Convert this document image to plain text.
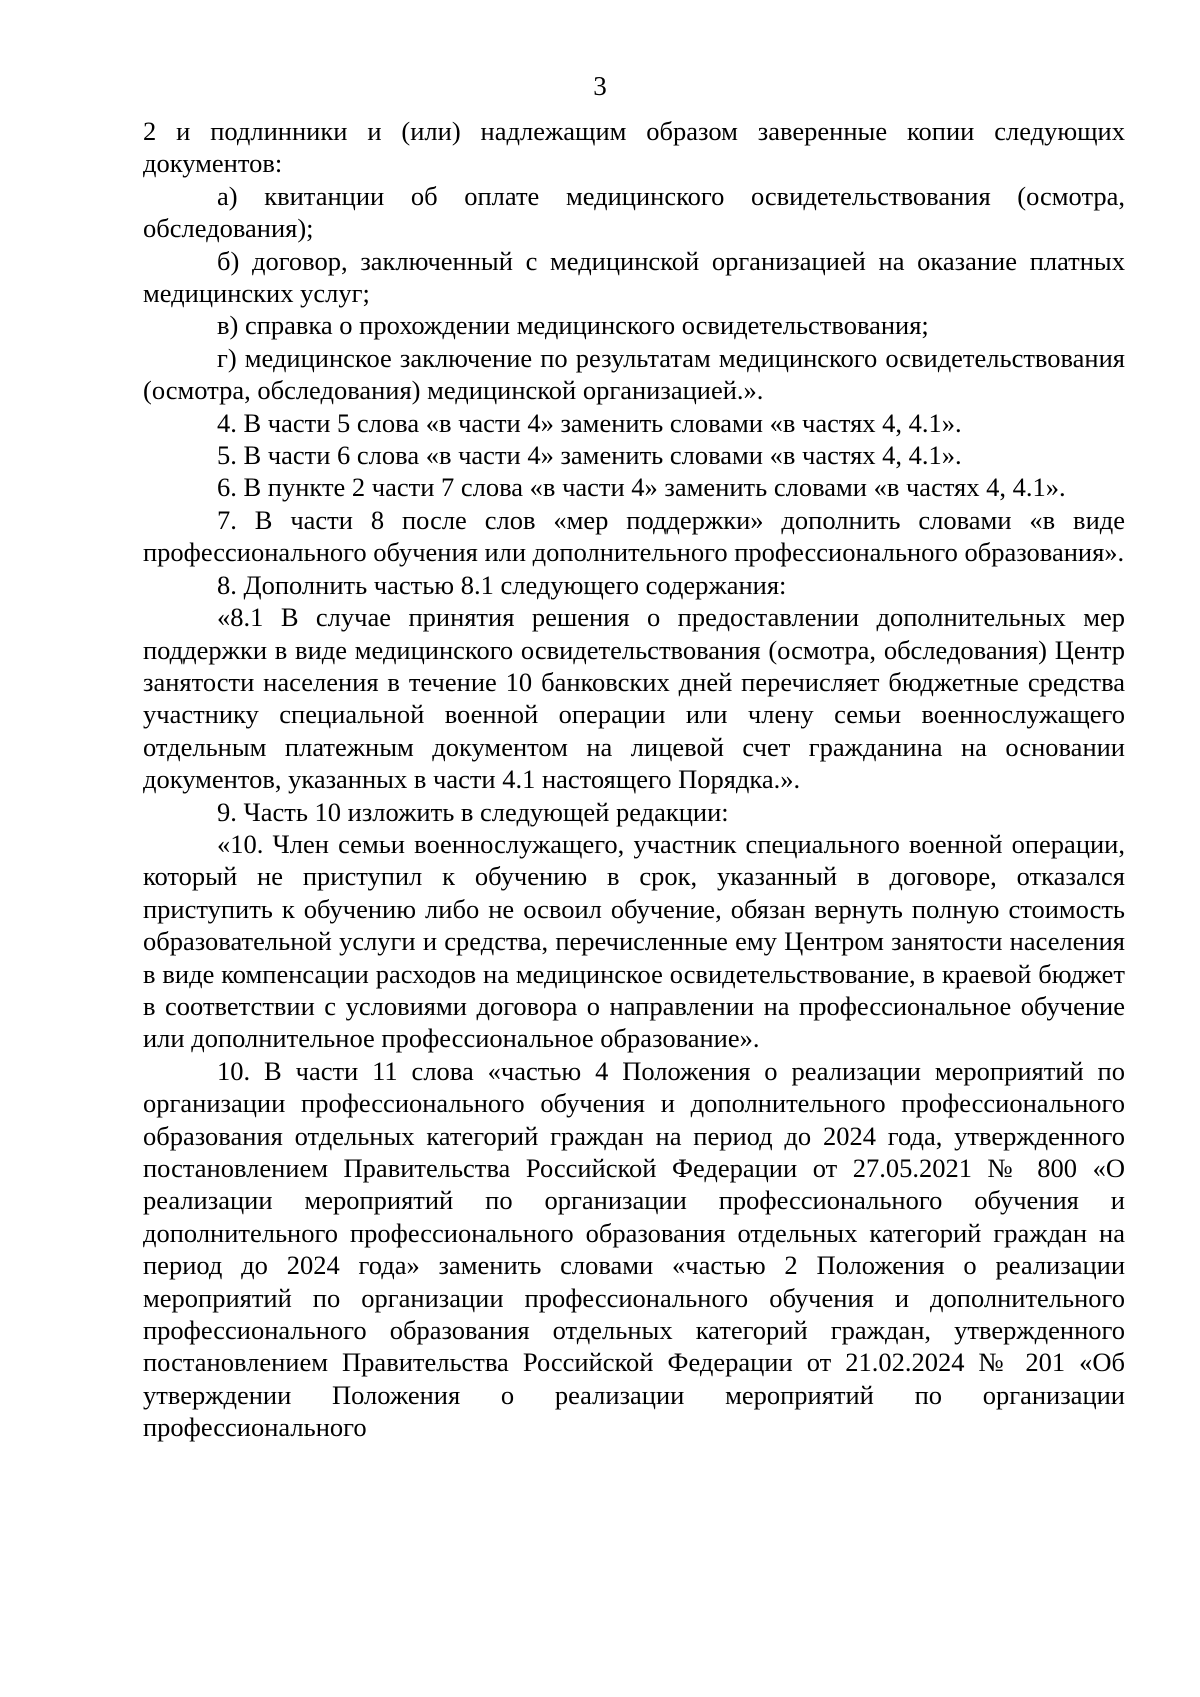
3

2 и подлинники и (или) надлежащим образом заверенные копии следующих документов:

а) квитанции об оплате медицинского освидетельствования (осмотра, обследования);

б) договор, заключенный с медицинской организацией на оказание платных медицинских услуг;

в) справка о прохождении медицинского освидетельствования;

г) медицинское заключение по результатам медицинского освидетельствования (осмотра, обследования) медицинской организацией.».

4. В части 5 слова «в части 4» заменить словами «в частях 4, 4.1».

5. В части 6 слова «в части 4» заменить словами «в частях 4, 4.1».

6. В пункте 2 части 7 слова «в части 4» заменить словами «в частях 4, 4.1».

7. В части 8 после слов «мер поддержки» дополнить словами «в виде профессионального обучения или дополнительного профессионального образования».

8. Дополнить частью 8.1 следующего содержания:

«8.1 В случае принятия решения о предоставлении дополнительных мер поддержки в виде медицинского освидетельствования (осмотра, обследования) Центр занятости населения в течение 10 банковских дней перечисляет бюджетные средства участнику специальной военной операции или члену семьи военнослужащего отдельным платежным документом на лицевой счет гражданина на основании документов, указанных в части 4.1 настоящего Порядка.».

9. Часть 10 изложить в следующей редакции:

«10. Член семьи военнослужащего, участник специального военной операции, который не приступил к обучению в срок, указанный в договоре, отказался приступить к обучению либо не освоил обучение, обязан вернуть полную стоимость образовательной услуги и средства, перечисленные ему Центром занятости населения в виде компенсации расходов на медицинское освидетельствование, в краевой бюджет в соответствии с условиями договора о направлении на профессиональное обучение или дополнительное профессиональное образование».

10. В части 11 слова «частью 4 Положения о реализации мероприятий по организации профессионального обучения и дополнительного профессионального образования отдельных категорий граждан на период до 2024 года, утвержденного постановлением Правительства Российской Федерации от 27.05.2021 № 800 «О реализации мероприятий по организации профессионального обучения и дополнительного профессионального образования отдельных категорий граждан на период до 2024 года» заменить словами «частью 2 Положения о реализации мероприятий по организации профессионального обучения и дополнительного профессионального образования отдельных категорий граждан, утвержденного постановлением Правительства Российской Федерации от 21.02.2024 № 201 «Об утверждении Положения о реализации мероприятий по организации профессионального
